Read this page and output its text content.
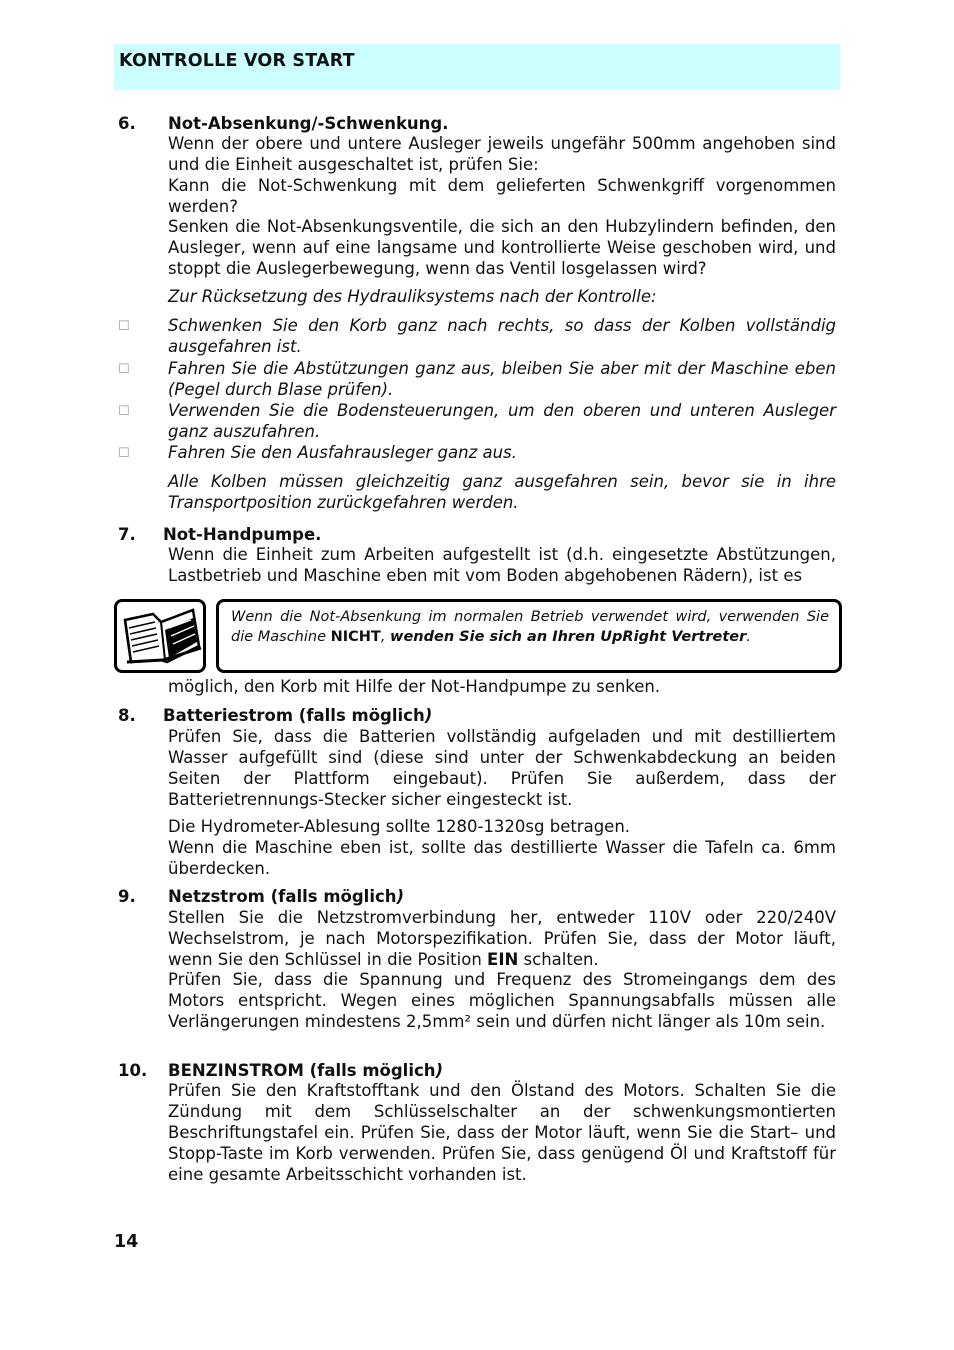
KONTROLLE VOR START
6. Not-Absenkung/-Schwenkung.
Wenn der obere und untere Ausleger jeweils ungefähr 500mm angehoben sind und die Einheit ausgeschaltet ist, prüfen Sie:
Kann die Not-Schwenkung mit dem gelieferten Schwenkgriff vorgenommen werden?
Senken die Not-Absenkungsventile, die sich an den Hubzylindern befinden, den Ausleger, wenn auf eine langsame und kontrollierte Weise geschoben wird, und stoppt die Auslegerbewegung, wenn das Ventil losgelassen wird?
Zur Rücksetzung des Hydrauliksystems nach der Kontrolle:
☐ Schwenken Sie den Korb ganz nach rechts, so dass der Kolben vollständig ausgefahren ist.
☐ Fahren Sie die Abstützungen ganz aus, bleiben Sie aber mit der Maschine eben (Pegel durch Blase prüfen).
☐ Verwenden Sie die Bodensteuerungen, um den oberen und unteren Ausleger ganz auszufahren.
☐ Fahren Sie den Ausfahrausleger ganz aus.
Alle Kolben müssen gleichzeitig ganz ausgefahren sein, bevor sie in ihre Transportposition zurückgefahren werden.
7. Not-Handpumpe.
Wenn die Einheit zum Arbeiten aufgestellt ist (d.h. eingesetzte Abstützungen, Lastbetrieb und Maschine eben mit vom Boden abgehobenen Rädern), ist es
Wenn die Not-Absenkung im normalen Betrieb verwendet wird, verwenden Sie die Maschine NICHT, wenden Sie sich an Ihren UpRight Vertreter.
möglich, den Korb mit Hilfe der Not-Handpumpe zu senken.
8. Batteriestrom (falls möglich)
Prüfen Sie, dass die Batterien vollständig aufgeladen und mit destilliertem Wasser aufgefüllt sind (diese sind unter der Schwenkabdeckung an beiden Seiten der Plattform eingebaut). Prüfen Sie außerdem, dass der Batterietrennungs-Stecker sicher eingesteckt ist.
Die Hydrometer-Ablesung sollte 1280-1320sg betragen.
Wenn die Maschine eben ist, sollte das destillierte Wasser die Tafeln ca. 6mm überdecken.
9. Netzstrom (falls möglich)
Stellen Sie die Netzstromverbindung her, entweder 110V oder 220/240V Wechselstrom, je nach Motorspezifikation. Prüfen Sie, dass der Motor läuft, wenn Sie den Schlüssel in die Position EIN schalten.
Prüfen Sie, dass die Spannung und Frequenz des Stromeingangs dem des Motors entspricht. Wegen eines möglichen Spannungsabfalls müssen alle Verlängerungen mindestens 2,5mm² sein und dürfen nicht länger als 10m sein.
10. BENZINSTROM (falls möglich)
Prüfen Sie den Kraftstofftank und den Ölstand des Motors. Schalten Sie die Zündung mit dem Schlüsselschalter an der schwenkungsmontierten Beschriftungstafel ein. Prüfen Sie, dass der Motor läuft, wenn Sie die Start– und Stopp-Taste im Korb verwenden. Prüfen Sie, dass genügend Öl und Kraftstoff für eine gesamte Arbeitsschicht vorhanden ist.
14
